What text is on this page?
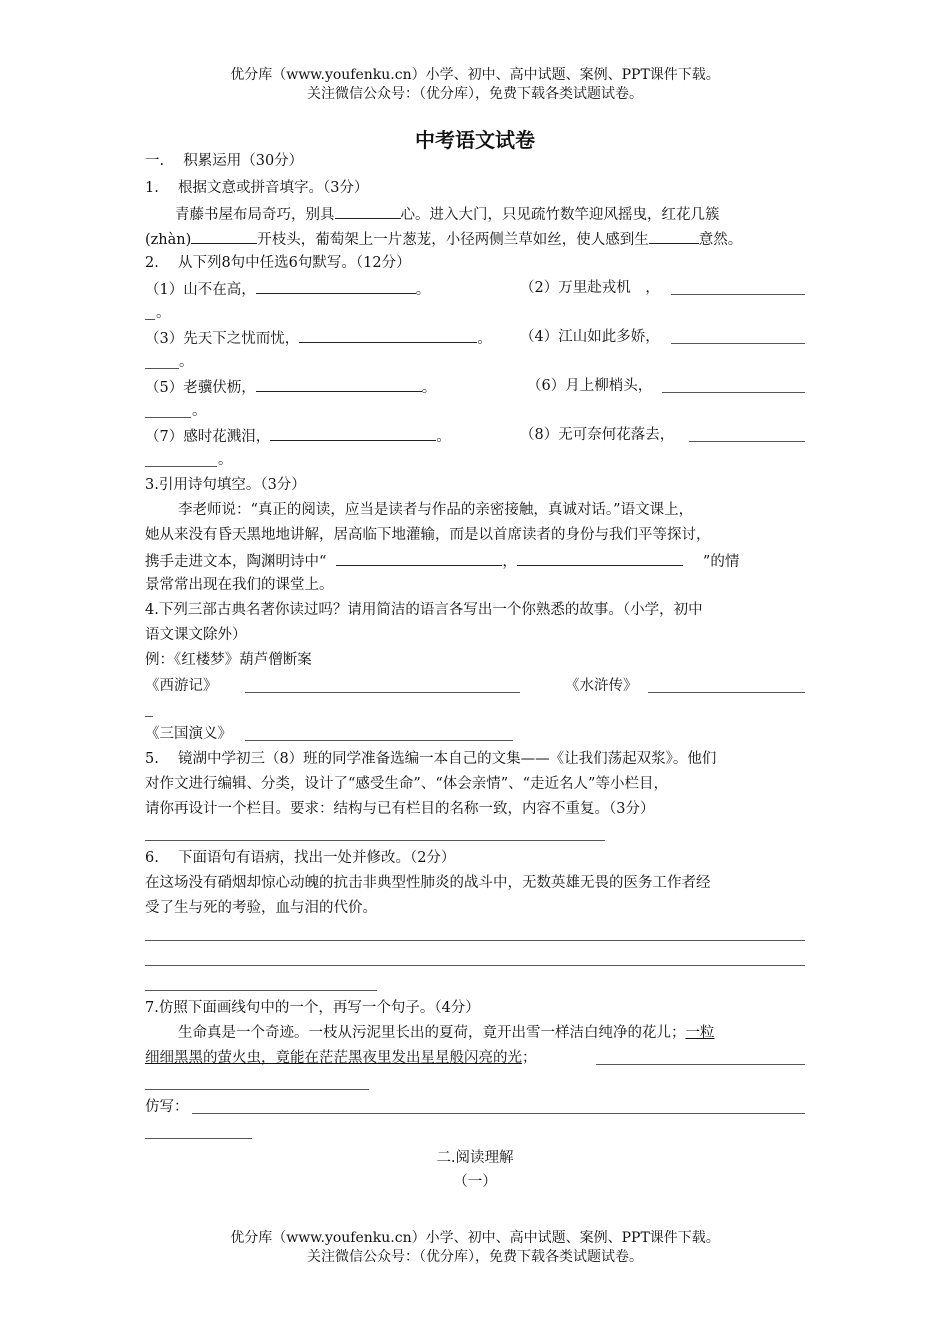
优分库（www.youfenku.cn）小学、初中、高中试题、案例、PPT课件下载。
关注微信公众号：（优分库），免费下载各类试题试卷。
中考语文试卷
一.　 积累运用（30分）
1.　 根据文意或拼音填字。（3分）
青藤书屋布局奇巧，别具	心。进入大门，只见疏竹数竿迎风摇曳，红花几簇
(zhàn)	开枝头，葡萄架上一片葱茏，小径两侧兰草如丝，使人感到生	意然。
2.　 从下列8句中任选6句默写。（12分）
（1）山不在高，	。	（2）万里赴戎机　，
。
（3）先天下之忧而忧，	。 （4）江山如此多娇，
。
（5）老骥伏枥，	。	（6）月上柳梢头，
。
（7）感时花溅泪，	。	（8）无可奈何花落去，
。
3.引用诗句填空。（3分）
李老师说：“真正的阅读，应当是读者与作品的亲密接触，真诚对话。”语文课上，
她从来没有昏天黑地地讲解，居高临下地灌输，而是以首席读者的身份与我们平等探讨，
携手走进文本，陶渊明诗中“	，	”的情
景常常出现在我们的课堂上。
4.下列三部古典名著你读过吗？请用简洁的语言各写出一个你熟悉的故事。（小学，初中
语文课文除外）
例：《红楼梦》葫芦僧断案
《西游记》	《水浒传》
《三国演义》
5.　 镜湖中学初三（8）班的同学准备选编一本自己的文集——《让我们荡起双浆》。他们
对作文进行编辑、分类，设计了“感受生命”、“体会亲情”、“走近名人”等小栏目，
请你再设计一个栏目。要求：结构与已有栏目的名称一致，内容不重复。（3分）
6.　 下面语句有语病，找出一处并修改。（2分）
在这场没有硝烟却惊心动魄的抗击非典型性肺炎的战斗中，无数英雄无畏的医务工作者经
受了生与死的考验，血与泪的代价。
7.仿照下面画线句中的一个，再写一个句子。（4分）
生命真是一个奇迹。一枝从污泥里长出的夏荷，竟开出雪一样洁白纯净的花儿；一粒
细细黑黑的萤火虫，竟能在茫茫黑夜里发出星星般闪亮的光；
仿写：
二.阅读理解
（一）
优分库（www.youfenku.cn）小学、初中、高中试题、案例、PPT课件下载。
关注微信公众号：（优分库），免费下载各类试题试卷。
